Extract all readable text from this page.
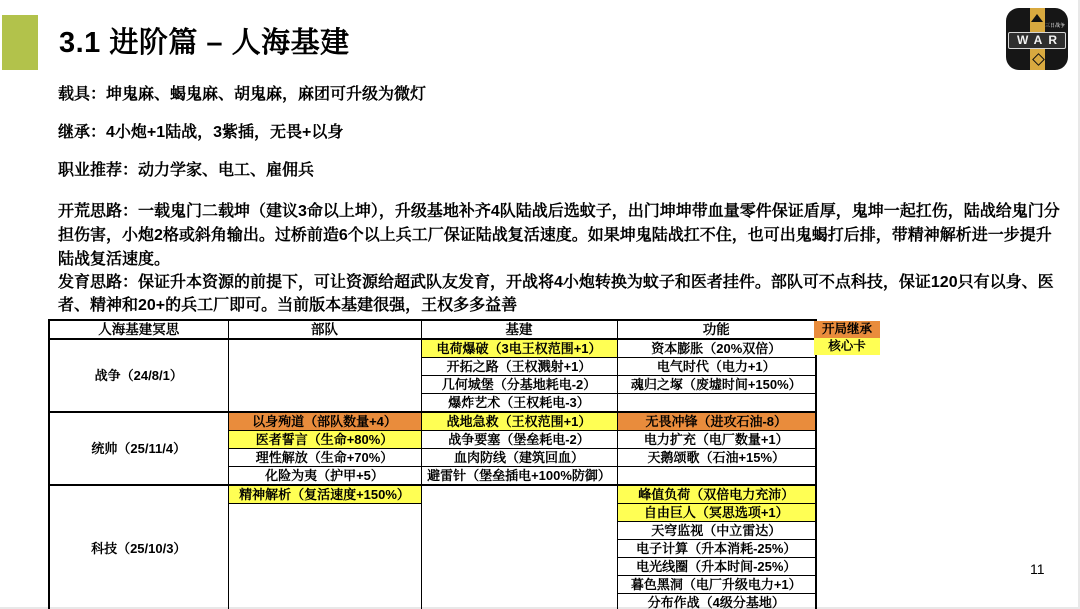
3.1 进阶篇 – 人海基建	WAR
三日战争

载具：坤鬼麻、蝎鬼麻、胡鬼麻，麻团可升级为微灯

继承：4小炮+1陆战，3紫插，无畏+以身

职业推荐：动力学家、电工、雇佣兵

开荒思路：一载鬼门二载坤（建议3命以上坤），升级基地补齐4队陆战后选蚊子，出门坤坤带血量零件保证盾厚，鬼坤一起扛伤，陆战给鬼门分担伤害，小炮2格或斜角输出。过桥前造6个以上兵工厂保证陆战复活速度。如果坤鬼陆战扛不住，也可出鬼蝎打后排，带精神解析进一步提升陆战复活速度。

发育思路：保证升本资源的前提下，可让资源给超武队友发育，开战将4小炮转换为蚊子和医者挂件。部队可不点科技，保证120只有以身、医者、精神和20+的兵工厂即可。当前版本基建很强，王权多多益善

人海基建冥思	部队	基建	功能
战争（24/8/1）		电荷爆破（3电王权范围+1）	资本膨胀（20%双倍）
		开拓之路（王权溅射+1）	电气时代（电力+1）
		几何城堡（分基地耗电-2）	魂归之塚（废墟时间+150%）
		爆炸艺术（王权耗电-3）	
统帅（25/11/4）	以身殉道（部队数量+4）	战地急救（王权范围+1）	无畏冲锋（进攻石油-8）
	医者誓言（生命+80%）	战争要塞（堡垒耗电-2）	电力扩充（电厂数量+1）
	理性解放（生命+70%）	血肉防线（建筑回血）	天鹅颂歌（石油+15%）
	化险为夷（护甲+5）	避雷针（堡垒插电+100%防御）	
科技（25/10/3）	精神解析（复活速度+150%）		峰值负荷（双倍电力充沛）
			自由巨人（冥思选项+1）
			天穹监视（中立雷达）
			电子计算（升本消耗-25%）
			电光线圈（升本时间-25%）
			暮色黑洞（电厂升级电力+1）
			分布作战（4级分基地）
开局继承
核心卡
11
